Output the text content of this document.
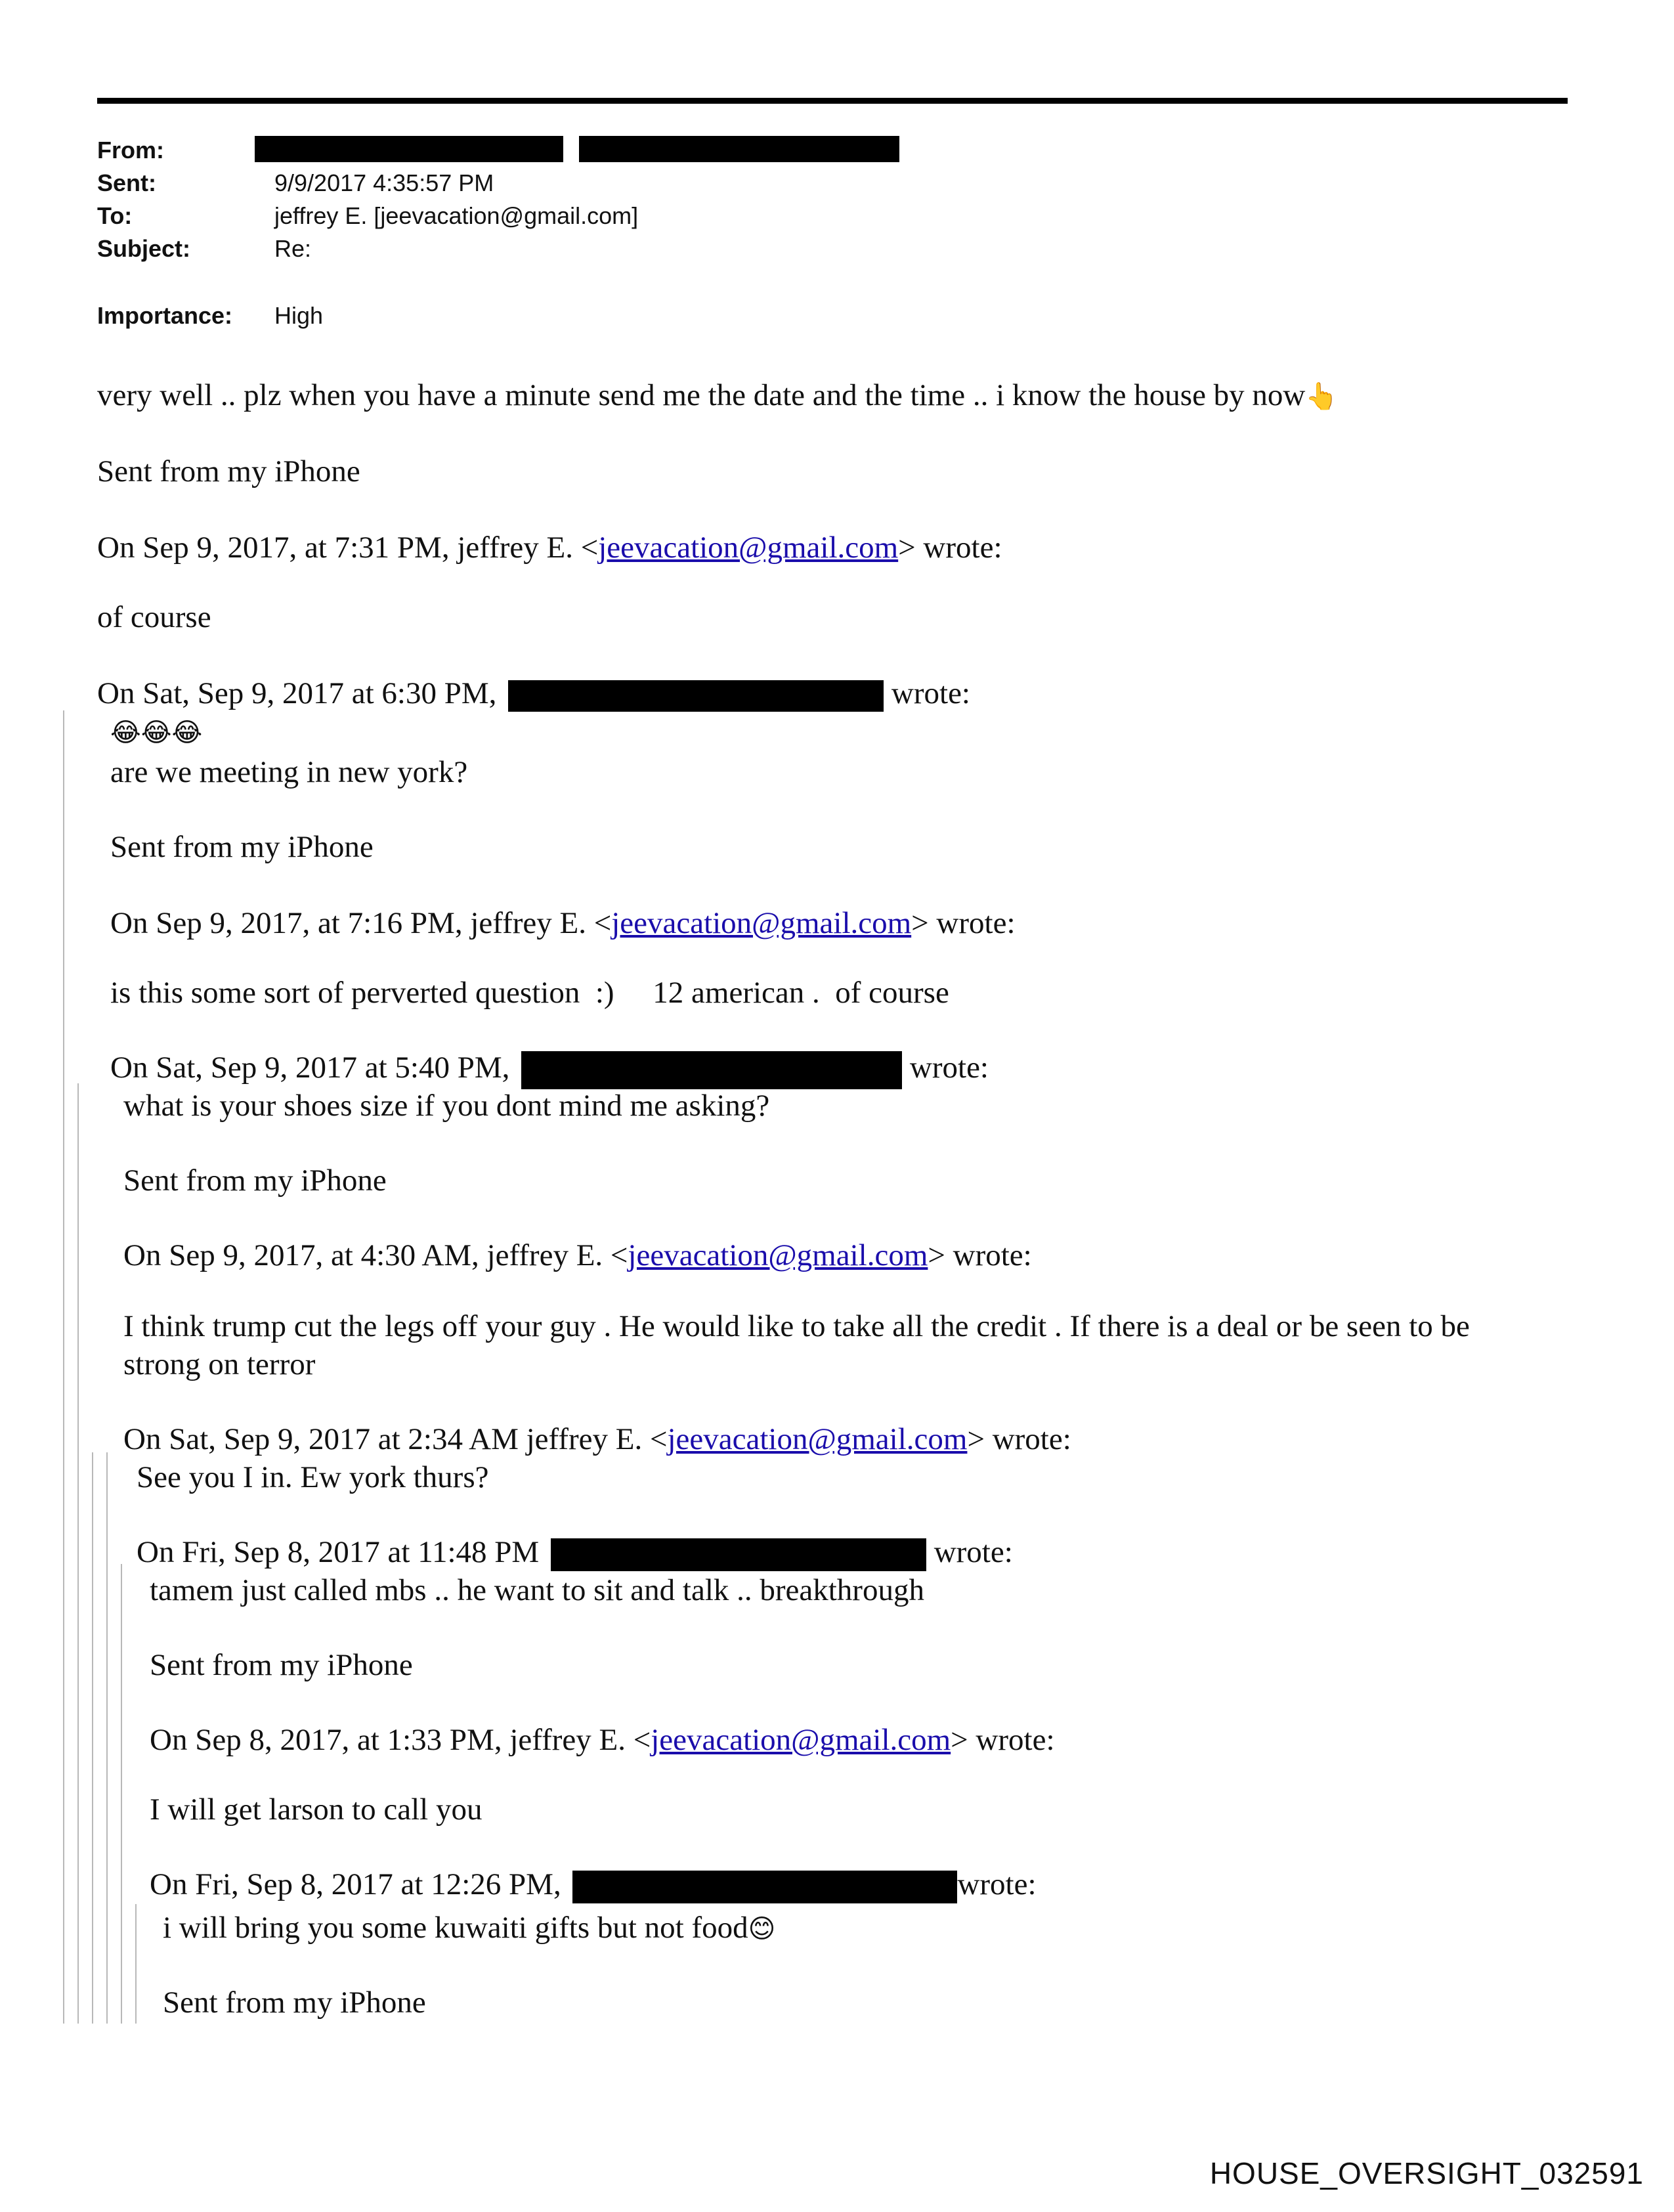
From:
Sent:	9/9/2017 4:35:57 PM
To:	jeffrey E. [jeevacation@gmail.com]
Subject:	Re:
Importance: High
very well .. plz when you have a minute send me the date and the time .. i know the house by now👆
Sent from my iPhone
On Sep 9, 2017, at 7:31 PM, jeffrey E. <jeevacation@gmail.com> wrote:
of course
On Sat, Sep 9, 2017 at 6:30 PM,	wrote:
😂😂😂
are we meeting in new york?
Sent from my iPhone
On Sep 9, 2017, at 7:16 PM, jeffrey E. <jeevacation@gmail.com> wrote:
is this some sort of perverted question  :)     12 american .  of course
On Sat, Sep 9, 2017 at 5:40 PM,	wrote:
what is your shoes size if you dont mind me asking?
Sent from my iPhone
On Sep 9, 2017, at 4:30 AM, jeffrey E. <jeevacation@gmail.com> wrote:
I think trump cut the legs off your guy . He would like to take all the credit . If there is a deal or be seen to be
strong on terror
On Sat, Sep 9, 2017 at 2:34 AM jeffrey E. <jeevacation@gmail.com> wrote:
See you I in. Ew york thurs?
On Fri, Sep 8, 2017 at 11:48 PM	wrote:
tamem just called mbs .. he want to sit and talk .. breakthrough
Sent from my iPhone
On Sep 8, 2017, at 1:33 PM, jeffrey E. <jeevacation@gmail.com> wrote:
I will get larson to call you
On Fri, Sep 8, 2017 at 12:26 PM,	wrote:
i will bring you some kuwaiti gifts but not food😊
Sent from my iPhone
HOUSE_OVERSIGHT_032591
